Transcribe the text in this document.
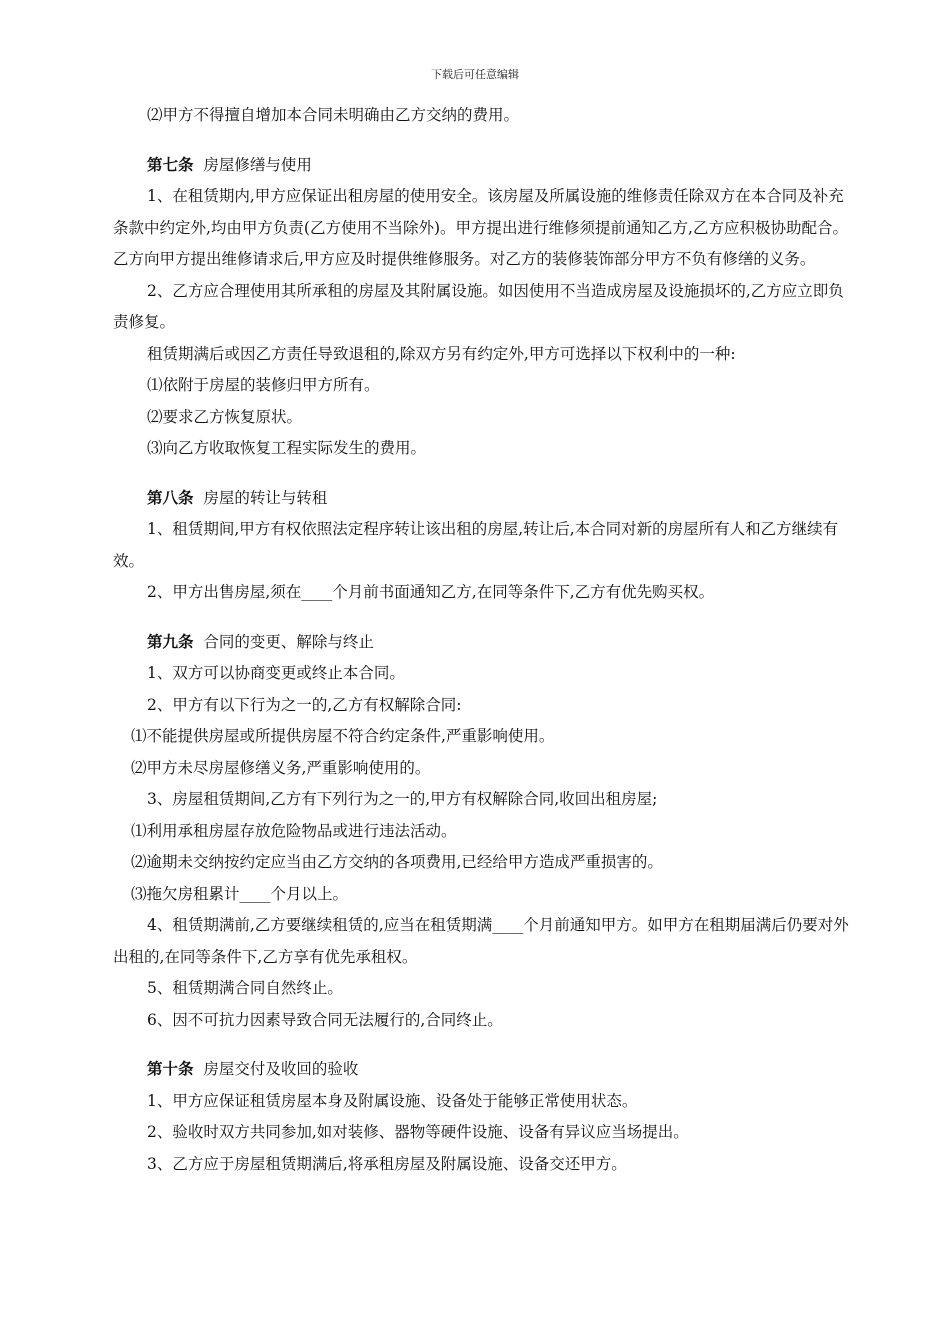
下载后可任意编辑

⑵甲方不得擅自增加本合同未明确由乙方交纳的费用。

第七条 房屋修缮与使用

1、在租赁期内,甲方应保证出租房屋的使用安全。该房屋及所属设施的维修责任除双方在本合同及补充条款中约定外,均由甲方负责(乙方使用不当除外)。甲方提出进行维修须提前通知乙方,乙方应积极协助配合。乙方向甲方提出维修请求后,甲方应及时提供维修服务。对乙方的装修装饰部分甲方不负有修缮的义务。

2、乙方应合理使用其所承租的房屋及其附属设施。如因使用不当造成房屋及设施损坏的,乙方应立即负责修复。

租赁期满后或因乙方责任导致退租的,除双方另有约定外,甲方可选择以下权利中的一种:

⑴依附于房屋的装修归甲方所有。

⑵要求乙方恢复原状。

⑶向乙方收取恢复工程实际发生的费用。

第八条 房屋的转让与转租

1、租赁期间,甲方有权依照法定程序转让该出租的房屋,转让后,本合同对新的房屋所有人和乙方继续有效。

2、甲方出售房屋,须在____个月前书面通知乙方,在同等条件下,乙方有优先购买权。

第九条 合同的变更、解除与终止

1、双方可以协商变更或终止本合同。

2、甲方有以下行为之一的,乙方有权解除合同:

⑴不能提供房屋或所提供房屋不符合约定条件,严重影响使用。

⑵甲方未尽房屋修缮义务,严重影响使用的。

3、房屋租赁期间,乙方有下列行为之一的,甲方有权解除合同,收回出租房屋;

⑴利用承租房屋存放危险物品或进行违法活动。

⑵逾期未交纳按约定应当由乙方交纳的各项费用,已经给甲方造成严重损害的。

⑶拖欠房租累计____个月以上。

4、租赁期满前,乙方要继续租赁的,应当在租赁期满____个月前通知甲方。如甲方在租期届满后仍要对外出租的,在同等条件下,乙方享有优先承租权。

5、租赁期满合同自然终止。

6、因不可抗力因素导致合同无法履行的,合同终止。

第十条 房屋交付及收回的验收

1、甲方应保证租赁房屋本身及附属设施、设备处于能够正常使用状态。

2、验收时双方共同参加,如对装修、器物等硬件设施、设备有异议应当场提出。

3、乙方应于房屋租赁期满后,将承租房屋及附属设施、设备交还甲方。
